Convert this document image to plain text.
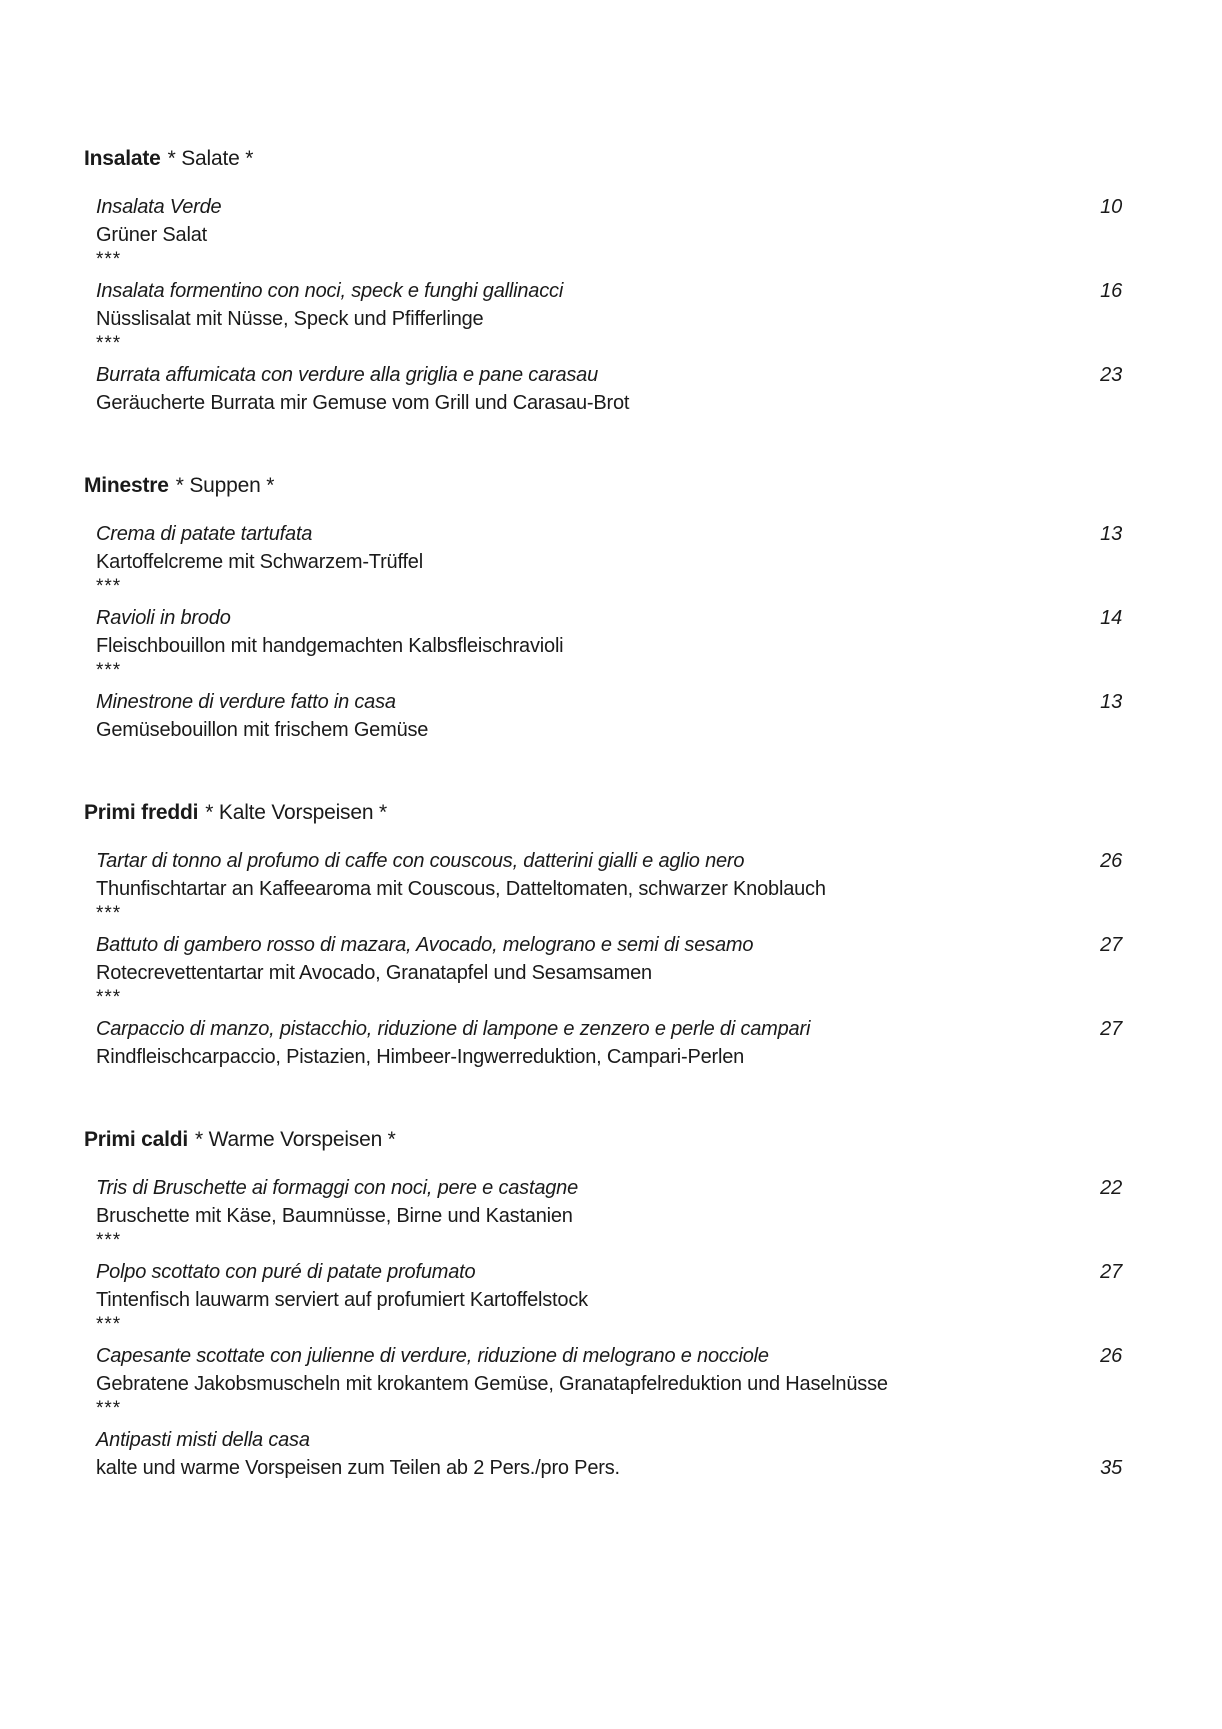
Insalate * Salate *
Insalata Verde	10
Grüner Salat
***
Insalata formentino con noci, speck e funghi gallinacci	16
Nüsslisalat mit Nüsse, Speck und Pfifferlinge
***
Burrata affumicata con verdure alla griglia e pane carasau	23
Geräucherte Burrata mir Gemuse vom Grill und Carasau-Brot
Minestre * Suppen *
Crema di patate tartufata	13
Kartoffelcreme mit Schwarzem-Trüffel
***
Ravioli in brodo	14
Fleischbouillon mit handgemachten Kalbsfleischravioli
***
Minestrone di verdure fatto in casa	13
Gemüsebouillon mit frischem Gemüse
Primi freddi * Kalte Vorspeisen *
Tartar di tonno al profumo di caffe con couscous, datterini gialli e aglio nero	26
Thunfischtartar an Kaffeearoma mit Couscous, Datteltomaten, schwarzer Knoblauch
***
Battuto di gambero rosso di mazara, Avocado, melograno e semi di sesamo	27
Rotecrevettentartar mit Avocado, Granatapfel und Sesamsamen
***
Carpaccio di manzo, pistacchio, riduzione di lampone e zenzero e perle di campari	27
Rindfleischcarpaccio, Pistazien, Himbeer-Ingwerreduktion, Campari-Perlen
Primi caldi * Warme Vorspeisen *
Tris di Bruschette ai formaggi con noci, pere e castagne	22
Bruschette mit Käse, Baumnüsse, Birne und Kastanien
***
Polpo scottato con puré di patate profumato	27
Tintenfisch lauwarm serviert auf profumiert Kartoffelstock
***
Capesante scottate con julienne di verdure, riduzione di melograno e nocciole	26
Gebratene Jakobsmuscheln mit krokantem Gemüse, Granatapfelreduktion und Haselnüsse
***
Antipasti misti della casa
kalte und warme Vorspeisen zum Teilen ab 2 Pers./pro Pers.	35
